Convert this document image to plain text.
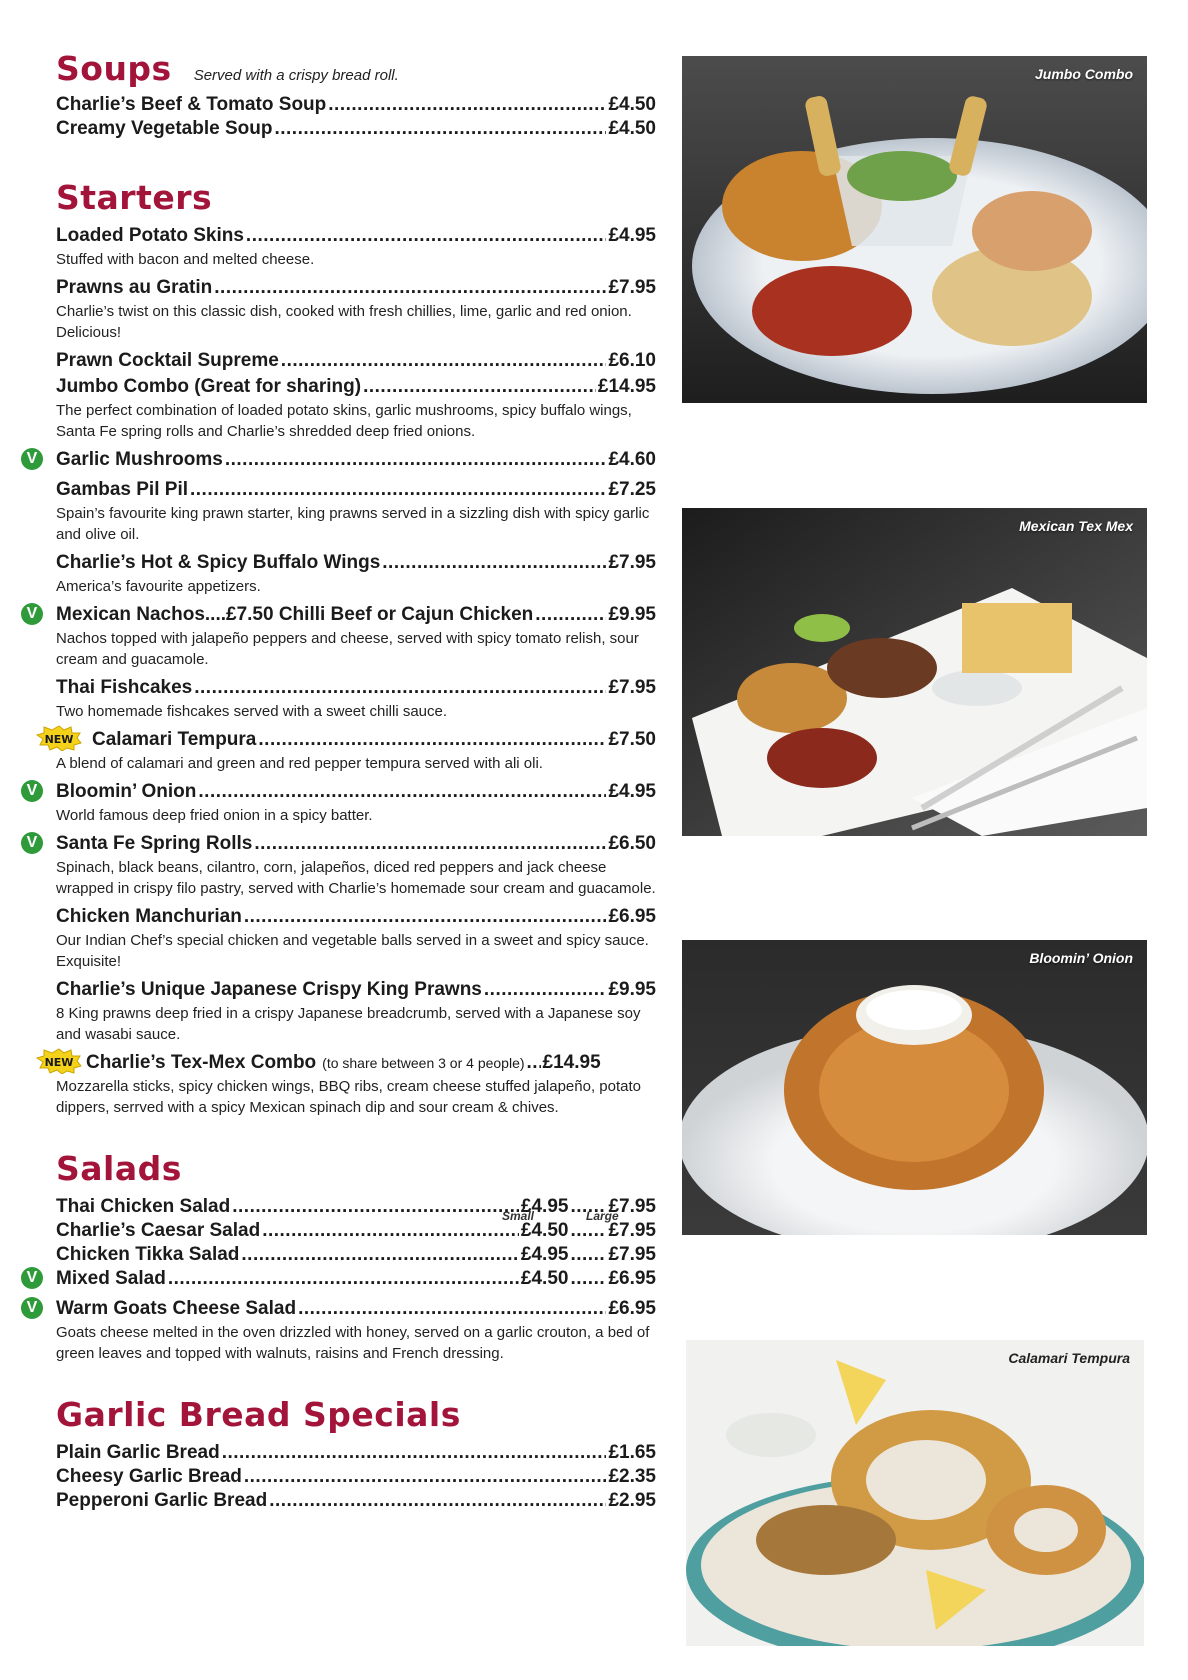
Soups Served with a crispy bread roll.
Charlie’s Beef & Tomato Soup .....	£4.50
Creamy Vegetable Soup .....	£4.50
Starters
Loaded Potato Skins .....	£4.95
Stuffed with bacon and melted cheese.
Prawns au Gratin .....	£7.95
Charlie’s twist on this classic dish, cooked with fresh chillies, lime, garlic and red onion. Delicious!
Prawn Cocktail Supreme .....	£6.10
Jumbo Combo (Great for sharing) .....	£14.95
The perfect combination of loaded potato skins, garlic mushrooms, spicy buffalo wings, Santa Fe spring rolls and Charlie’s shredded deep fried onions.
V Garlic Mushrooms .....	£4.60
Gambas Pil Pil .....	£7.25
Spain’s favourite king prawn starter, king prawns served in a sizzling dish with spicy garlic and olive oil.
Charlie’s Hot & Spicy Buffalo Wings .....	£7.95
America’s favourite appetizers.
V Mexican Nachos....£7.50 Chilli Beef or Cajun Chicken .....	£9.95
Nachos topped with jalapeño peppers and cheese, served with spicy tomato relish, sour cream and guacamole.
Thai Fishcakes .....	£7.95
Two homemade fishcakes served with a sweet chilli sauce.
NEW Calamari Tempura .....	£7.50
A blend of calamari and green and red pepper tempura served with ali oli.
V Bloomin’ Onion .....	£4.95
World famous deep fried onion in a spicy batter.
V Santa Fe Spring Rolls .....	£6.50
Spinach, black beans, cilantro, corn, jalapeños, diced red peppers and jack cheese wrapped in crispy filo pastry, served with Charlie’s homemade sour cream and guacamole.
Chicken Manchurian .....	£6.95
Our Indian Chef’s special chicken and vegetable balls served in a sweet and spicy sauce. Exquisite!
Charlie’s Unique Japanese Crispy King Prawns .....	£9.95
8 King prawns deep fried in a crispy Japanese breadcrumb, served with a Japanese soy and wasabi sauce.
NEW Charlie’s Tex-Mex Combo (to share between 3 or 4 people) ..... £14.95
Mozzarella sticks, spicy chicken wings, BBQ ribs, cream cheese stuffed jalapeño, potato dippers, serrved with a spicy Mexican spinach dip and sour cream & chives.
Salads
Small	Large
Thai Chicken Salad .....	£4.95 ..... £7.95
Charlie’s Caesar Salad .....	£4.50 ..... £7.95
Chicken Tikka Salad .....	£4.95 ..... £7.95
V Mixed Salad .....	£4.50 ..... £6.95
V Warm Goats Cheese Salad .....	£6.95
Goats cheese melted in the oven drizzled with honey, served on a garlic crouton, a bed of green leaves and topped with walnuts, raisins and French dressing.
Garlic Bread Specials
Plain Garlic Bread .....	£1.65
Cheesy Garlic Bread .....	£2.35
Pepperoni Garlic Bread .....	£2.95
Jumbo Combo
Mexican Tex Mex
Bloomin’ Onion
Calamari Tempura
